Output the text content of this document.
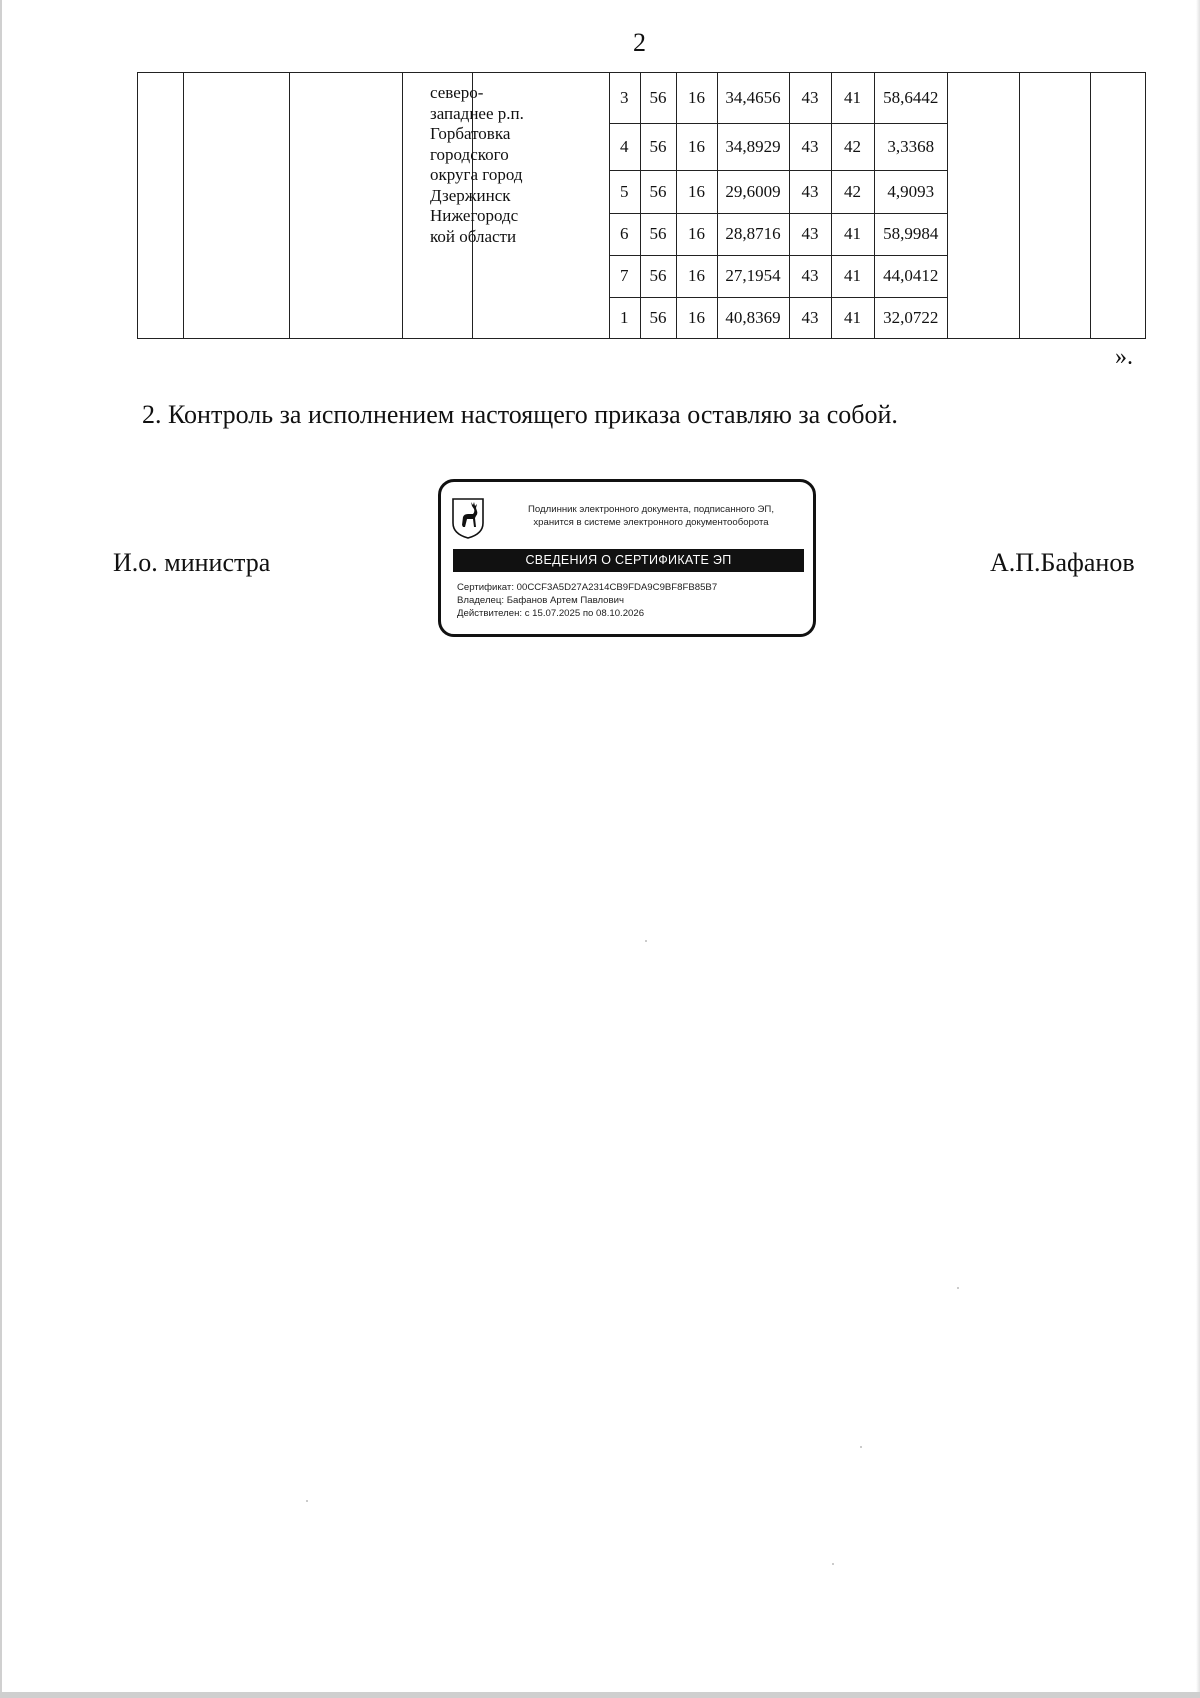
2
северо-
западнее р.п.
Горбатовка
городского
округа город
Дзержинск
Нижегородс
кой области
3	56	16	34,4656	43	41	58,6442
4	56	16	34,8929	43	42	3,3368
5	56	16	29,6009	43	42	4,9093
6	56	16	28,8716	43	41	58,9984
7	56	16	27,1954	43	41	44,0412
1	56	16	40,8369	43	41	32,0722
».
2. Контроль за исполнением настоящего приказа оставляю за собой.
И.о. министра	А.П.Бафанов
Подлинник электронного документа, подписанного ЭП,
хранится в системе электронного документооборота
СВЕДЕНИЯ О СЕРТИФИКАТЕ ЭП
Сертификат: 00CCF3A5D27A2314CB9FDA9C9BF8FB85B7
Владелец: Бафанов Артем Павлович
Действителен: с 15.07.2025 по 08.10.2026
